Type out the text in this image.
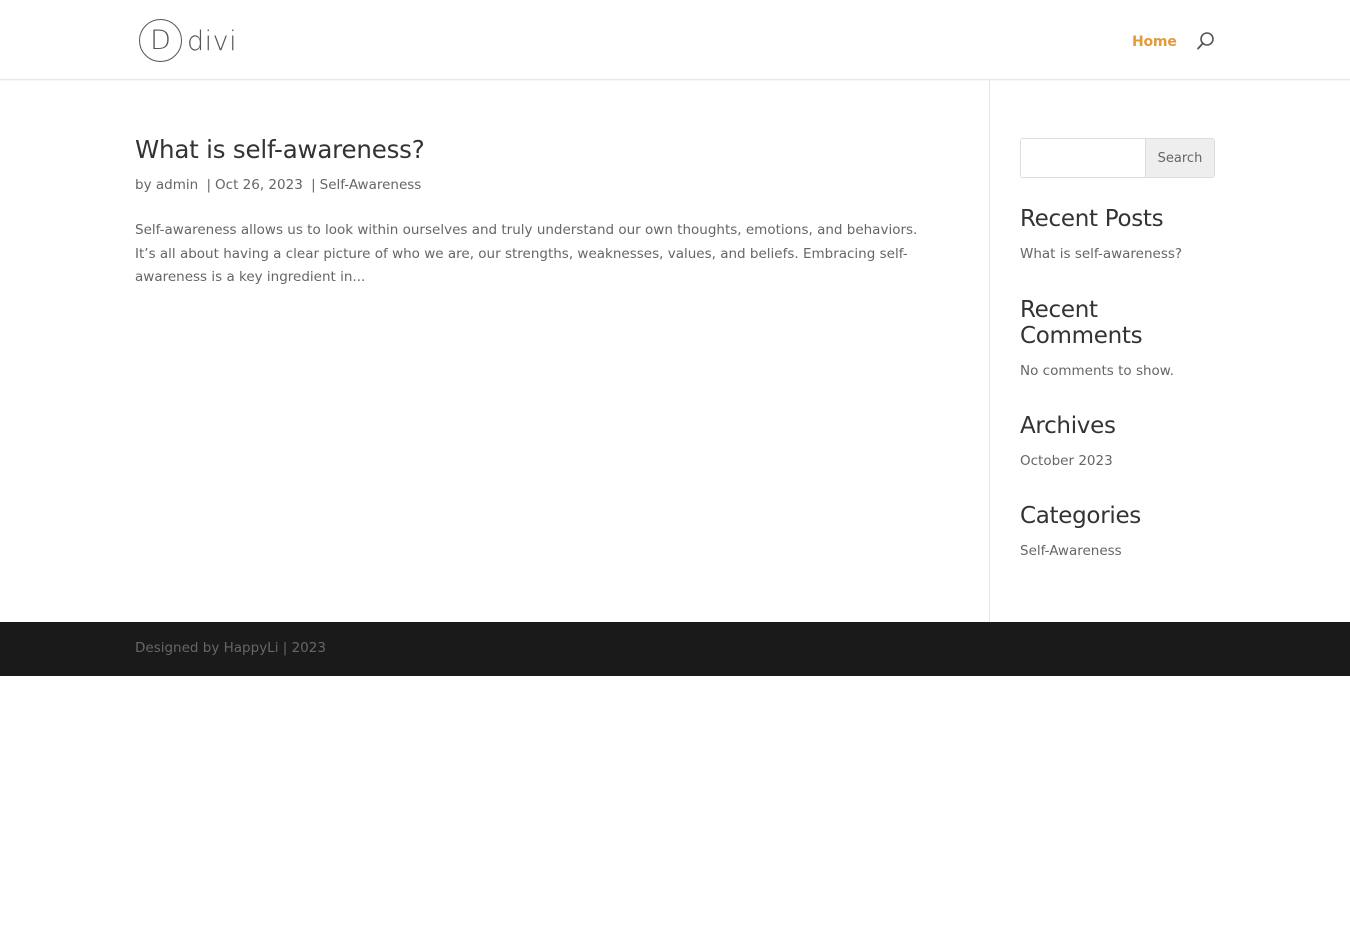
D divi	Home
What is self-awareness?

by admin | Oct 26, 2023 | Self-Awareness

Self-awareness allows us to look within ourselves and truly understand our own thoughts, emotions, and behaviors. It’s all about having a clear picture of who we are, our strengths, weaknesses, values, and beliefs. Embracing self-awareness is a key ingredient in...

Search
Recent Posts
What is self-awareness?
Recent Comments
No comments to show.
Archives
October 2023
Categories
Self-Awareness

Designed by HappyLi | 2023
